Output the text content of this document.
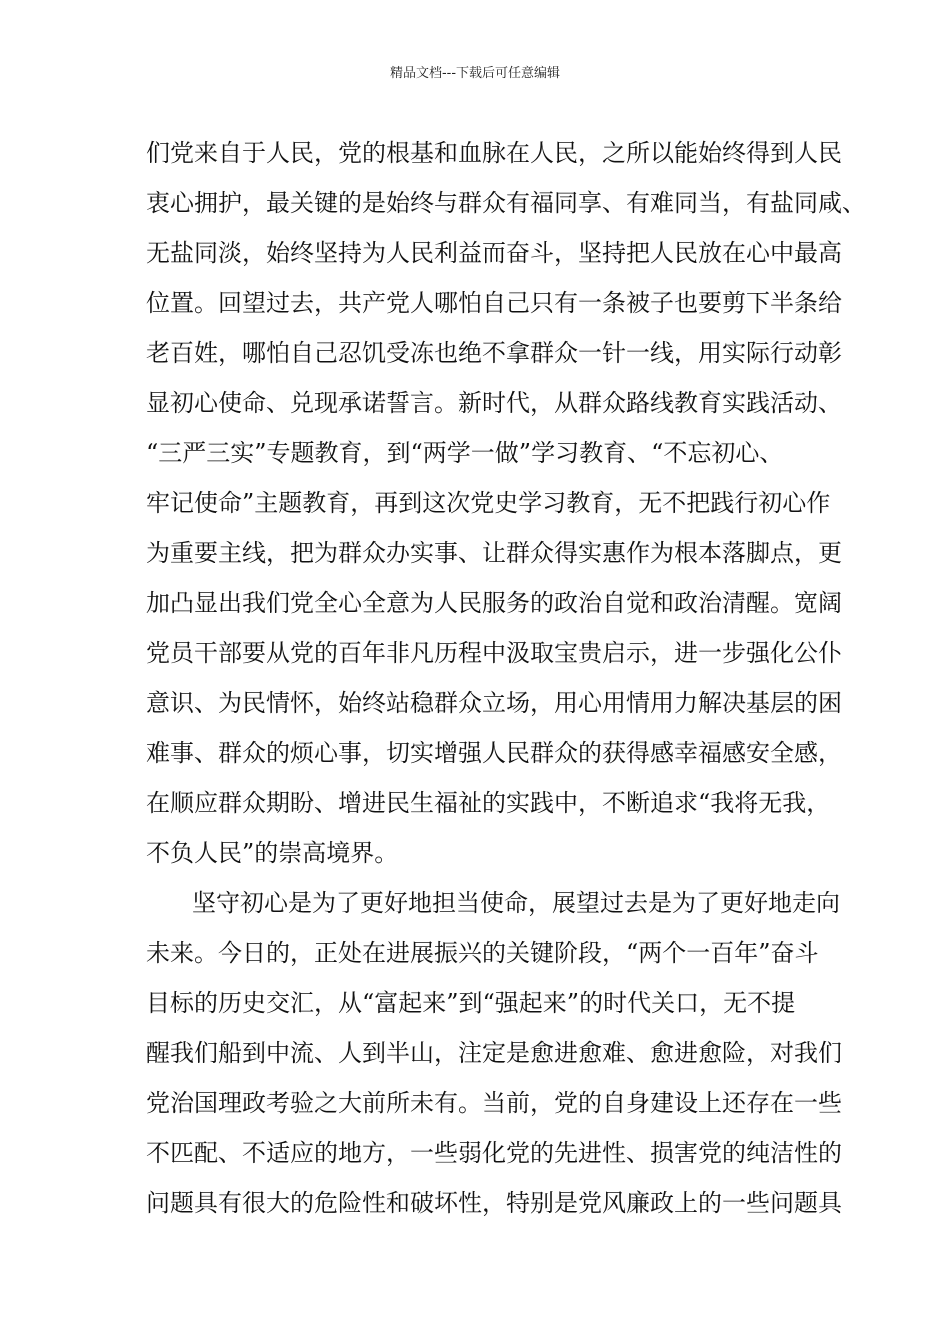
精品文档---下载后可任意编辑
们党来自于人民，党的根基和血脉在人民，之所以能始终得到人民
衷心拥护，最关键的是始终与群众有福同享、有难同当，有盐同咸、
无盐同淡，始终坚持为人民利益而奋斗，坚持把人民放在心中最高
位置。回望过去，共产党人哪怕自己只有一条被子也要剪下半条给
老百姓，哪怕自己忍饥受冻也绝不拿群众一针一线，用实际行动彰
显初心使命、兑现承诺誓言。新时代，从群众路线教育实践活动、
“三严三实”专题教育，到“两学一做”学习教育、“不忘初心、
牢记使命”主题教育，再到这次党史学习教育，无不把践行初心作
为重要主线，把为群众办实事、让群众得实惠作为根本落脚点，更
加凸显出我们党全心全意为人民服务的政治自觉和政治清醒。宽阔
党员干部要从党的百年非凡历程中汲取宝贵启示，进一步强化公仆
意识、为民情怀，始终站稳群众立场，用心用情用力解决基层的困
难事、群众的烦心事，切实增强人民群众的获得感幸福感安全感，
在顺应群众期盼、增进民生福祉的实践中，不断追求“我将无我，
不负人民”的崇高境界。
坚守初心是为了更好地担当使命，展望过去是为了更好地走向
未来。今日的，正处在进展振兴的关键阶段，“两个一百年”奋斗
目标的历史交汇，从“富起来”到“强起来”的时代关口，无不提
醒我们船到中流、人到半山，注定是愈进愈难、愈进愈险，对我们
党治国理政考验之大前所未有。当前，党的自身建设上还存在一些
不匹配、不适应的地方，一些弱化党的先进性、损害党的纯洁性的
问题具有很大的危险性和破坏性，特别是党风廉政上的一些问题具
